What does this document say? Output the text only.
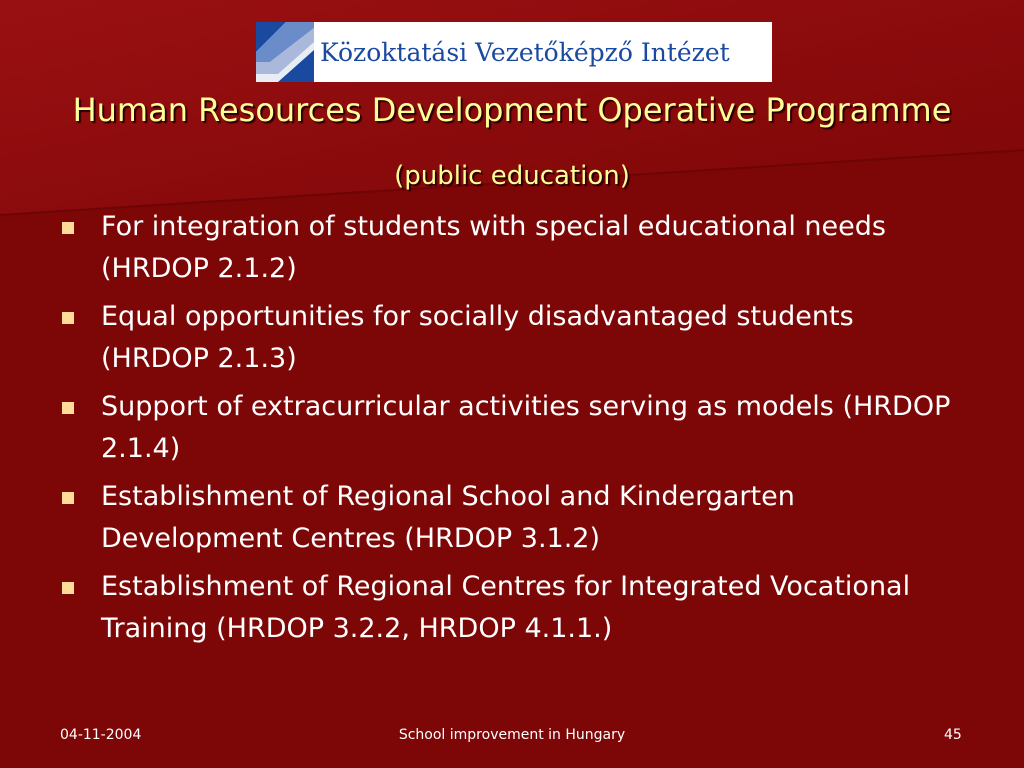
Közoktatási Vezetőképző Intézet
Human Resources Development Operative Programme (public education)
For integration of students with special educational needs (HRDOP 2.1.2)
Equal opportunities for socially disadvantaged students (HRDOP 2.1.3)
Support of extracurricular activities serving as models (HRDOP 2.1.4)
Establishment of Regional School and Kindergarten Development Centres (HRDOP 3.1.2)
Establishment of Regional Centres for Integrated Vocational Training (HRDOP 3.2.2, HRDOP 4.1.1.)
04-11-2004	School improvement in Hungary	45
